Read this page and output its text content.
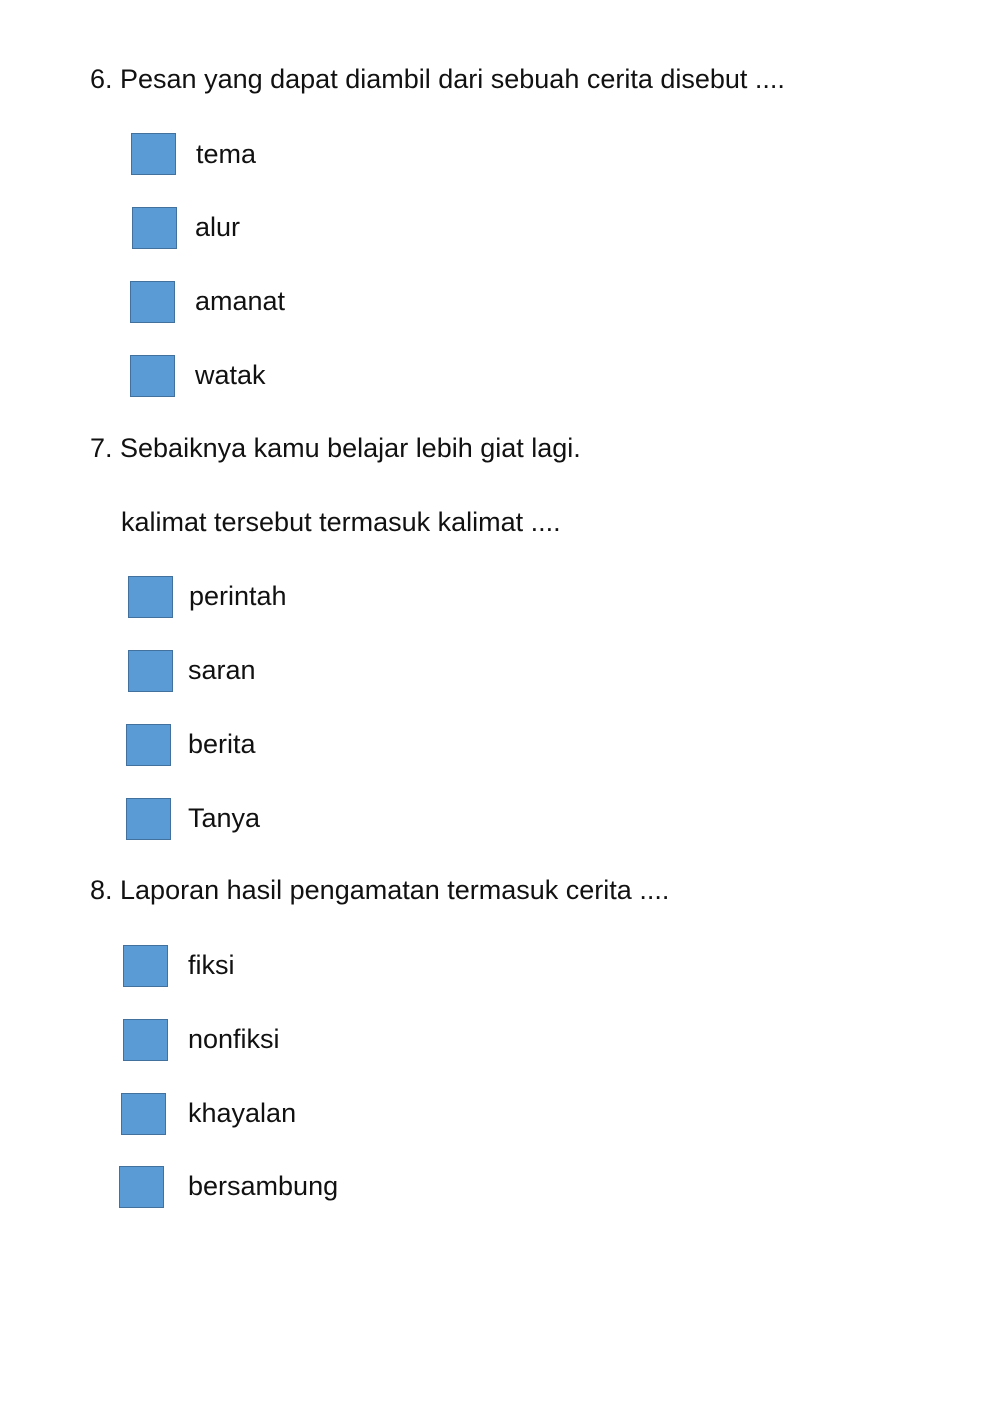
6. Pesan yang dapat diambil dari sebuah cerita disebut ....
tema
alur
amanat
watak
7. Sebaiknya kamu belajar lebih giat lagi.
kalimat tersebut termasuk kalimat ....
perintah
saran
berita
Tanya
8. Laporan hasil pengamatan termasuk cerita ....
fiksi
nonfiksi
khayalan
bersambung
